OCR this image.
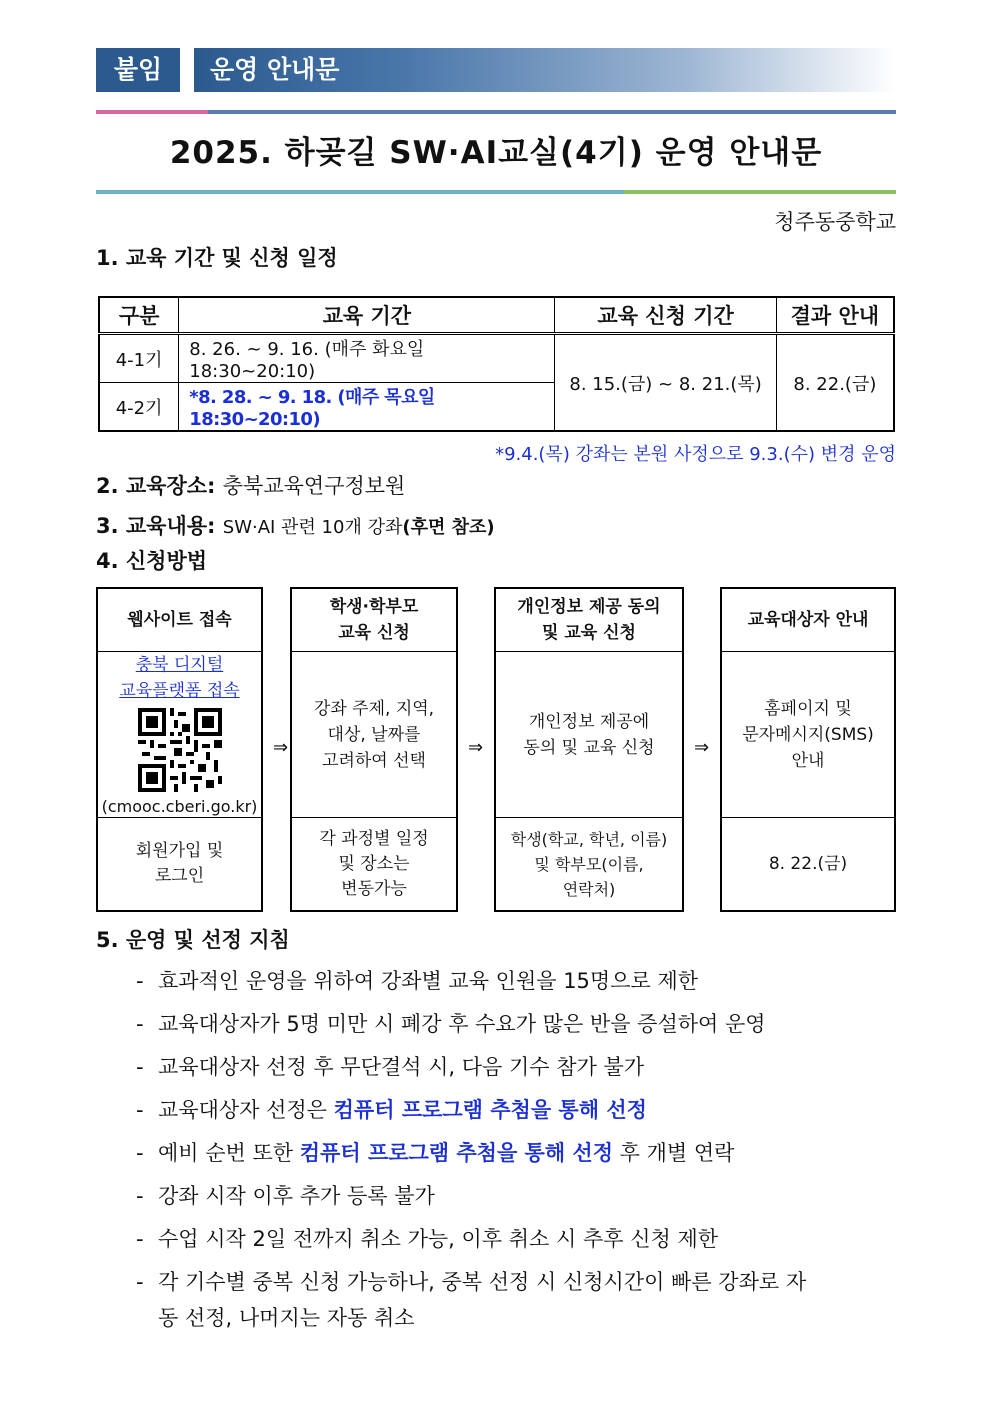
붙임	운영 안내문
2025. 하곶길 SW·AI교실(4기) 운영 안내문
청주동중학교
1. 교육 기간 및 신청 일정
구분	교육 기간	교육 신청 기간	결과 안내
4-1기	8. 26. ~ 9. 16. (매주 화요일 18:30~20:10)	8. 15.(금) ~ 8. 21.(목)	8. 22.(금)
4-2기	*8. 28. ~ 9. 18. (매주 목요일 18:30~20:10)		
*9.4.(목) 강좌는 본원 사정으로 9.3.(수) 변경 운영
2. 교육장소: 충북교육연구정보원
3. 교육내용: SW·AI 관련 10개 강좌(후면 참조)
4. 신청방법
웹사이트 접속
충북 디지털
교육플랫폼 접속
(cmooc.cberi.go.kr)
회원가입 및
로그인
⇒
학생·학부모
교육 신청
강좌 주제, 지역,
대상, 날짜를
고려하여 선택
각 과정별 일정
및 장소는
변동가능
⇒
개인정보 제공 동의
및 교육 신청
개인정보 제공에
동의 및 교육 신청
학생(학교, 학년, 이름)
및 학부모(이름,
연락처)
⇒
교육대상자 안내
홈페이지 및
문자메시지(SMS)
안내
8. 22.(금)
5. 운영 및 선정 지침
- 효과적인 운영을 위하여 강좌별 교육 인원을 15명으로 제한
- 교육대상자가 5명 미만 시 폐강 후 수요가 많은 반을 증설하여 운영
- 교육대상자 선정 후 무단결석 시, 다음 기수 참가 불가
- 교육대상자 선정은 컴퓨터 프로그램 추첨을 통해 선정
- 예비 순번 또한 컴퓨터 프로그램 추첨을 통해 선정 후 개별 연락
- 강좌 시작 이후 추가 등록 불가
- 수업 시작 2일 전까지 취소 가능, 이후 취소 시 추후 신청 제한
- 각 기수별 중복 신청 가능하나, 중복 선정 시 신청시간이 빠른 강좌로 자
동 선정, 나머지는 자동 취소
